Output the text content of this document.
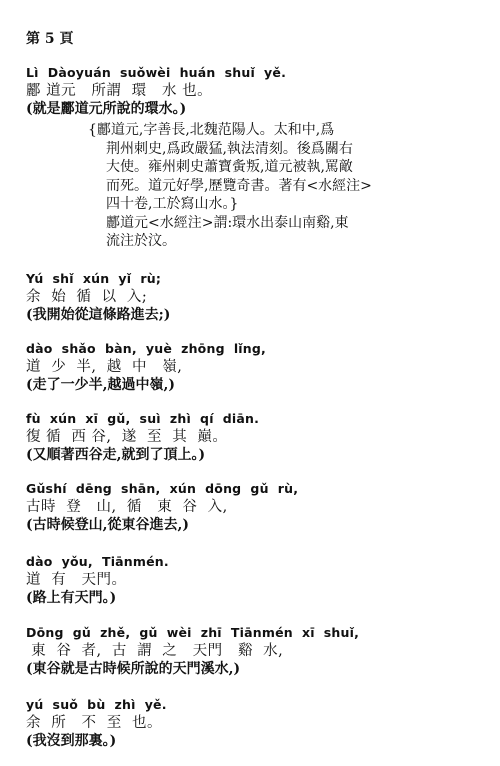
第 5 頁
Lì  Dàoyuán  suǒwèi  huán  shuǐ  yě.
酈 道元   所謂  環   水 也。
(就是酈道元所說的環水。)
{酈道元,字善長,北魏范陽人。太和中,爲
荆州刺史,爲政嚴猛,執法清刻。後爲關右
大使。雍州刺史蕭寶夤叛,道元被執,罵敵
而死。道元好學,歷覽奇書。著有<水經注>
四十卷,工於寫山水。}
酈道元<水經注>謂:環水出泰山南谿,東
流注於汶。
Yú  shǐ  xún  yǐ  rù;
余  始  循  以  入;
(我開始從這條路進去;)
dào  shǎo  bàn,  yuè  zhōng  lǐng,
道  少  半,  越  中   嶺,
(走了一少半,越過中嶺,)
fù  xún  xī  gǔ,  suì  zhì  qí  diān.
復 循  西 谷,  遂  至  其  巔。
(又順著西谷走,就到了頂上。)
Gǔshí  dēng  shān,  xún  dōng  gǔ  rù,
古時  登   山,  循   東  谷  入,
(古時候登山,從東谷進去,)
dào  yǒu,  Tiānmén.
道  有   天門。
(路上有天門。)
Dōng  gǔ  zhě,  gǔ  wèi  zhī  Tiānmén  xī  shuǐ,
東  谷  者,  古  謂  之   天門   谿  水,
(東谷就是古時候所說的天門溪水,)
yú  suǒ  bù  zhì  yě.
余  所   不  至  也。
(我沒到那裏。)
